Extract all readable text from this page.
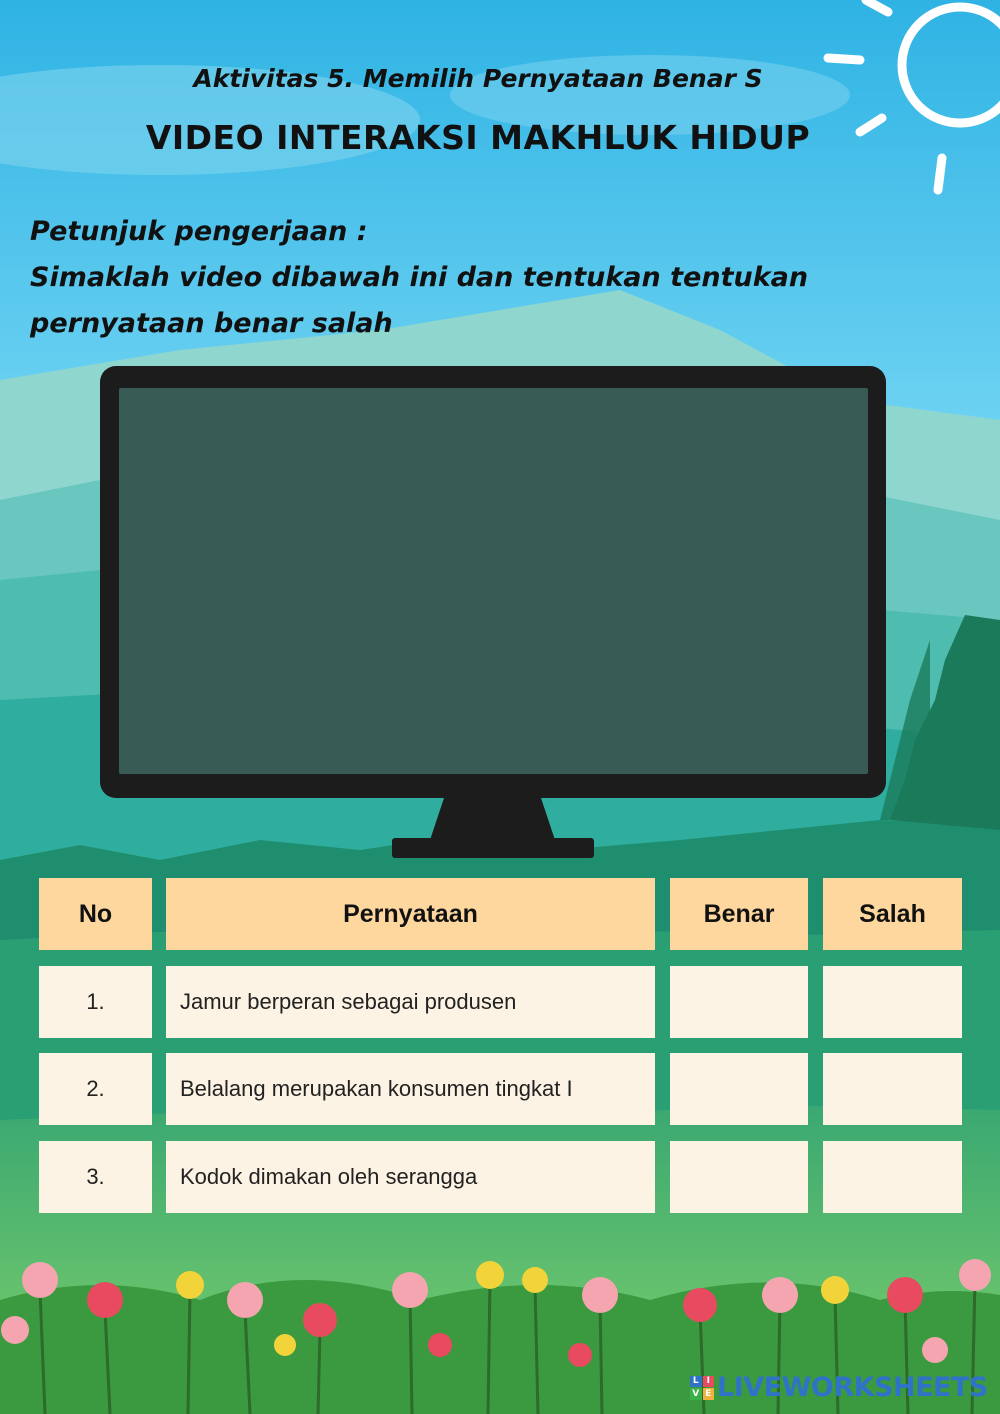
Aktivitas 5. Memilih Pernyataan Benar S
VIDEO INTERAKSI MAKHLUK HIDUP
Petunjuk pengerjaan :
Simaklah video dibawah ini dan tentukan tentukan
pernyataan benar salah
No	Pernyataan	Benar	Salah
1.	Jamur berperan sebagai produsen
2.	Belalang merupakan konsumen tingkat I
3.	Kodok dimakan oleh serangga
L I
V E LIVEWORKSHEETS
